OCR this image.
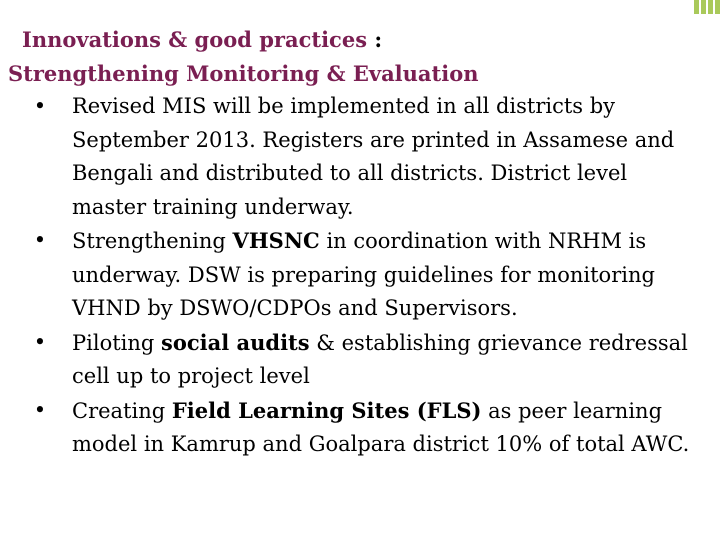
Innovations & good practices :
Strengthening Monitoring & Evaluation
• Revised MIS will be implemented in all districts by September 2013. Registers are printed in Assamese and Bengali and distributed to all districts. District level master training underway.
• Strengthening VHSNC in coordination with NRHM is underway. DSW is preparing guidelines for monitoring VHND by DSWO/CDPOs and Supervisors.
• Piloting social audits & establishing grievance redressal cell up to project level
• Creating Field Learning Sites (FLS) as peer learning model in Kamrup and Goalpara district 10% of total AWC.
